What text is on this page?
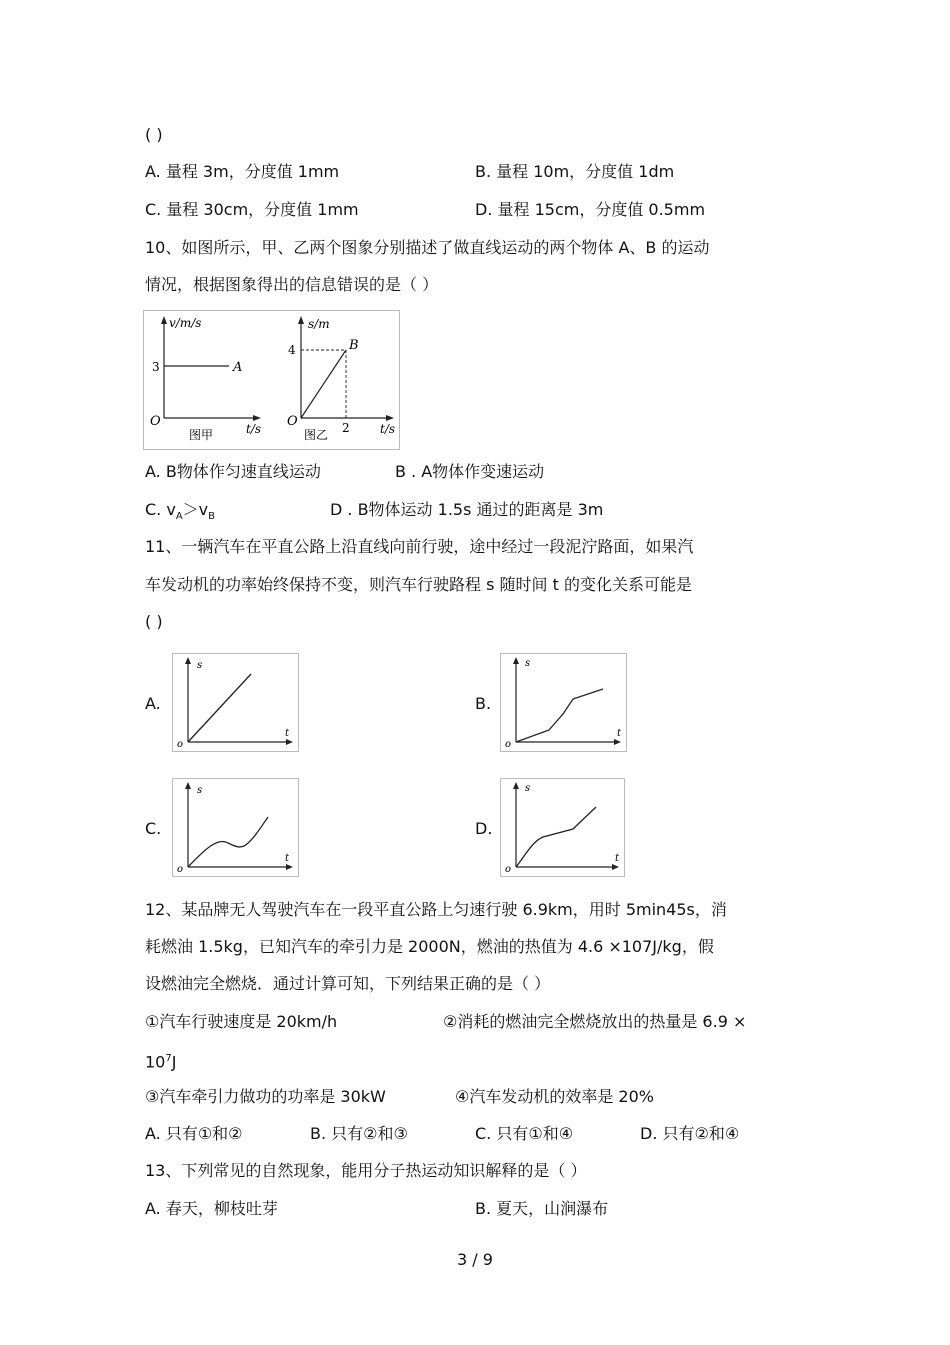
( )
A. 量程 3m，分度值 1mm	B. 量程 10m，分度值 1dm
C. 量程 30cm，分度值 1mm	D. 量程 15cm，分度值 0.5mm
10、如图所示，甲、乙两个图象分别描述了做直线运动的两个物体 A、B 的运动
情况，根据图象得出的信息错误的是（ ）
v/m/s
3	A
O	t/s
图甲
s/m
4	B
O	2	t/s
图乙
A. B物体作匀速直线运动	B . A物体作变速运动
C. $v_A>v_B$	D . B物体运动 1.5s 通过的距离是 3m
11、一辆汽车在平直公路上沿直线向前行驶，途中经过一段泥泞路面，如果汽
车发动机的功率始终保持不变，则汽车行驶路程 s 随时间 t 的变化关系可能是
( )
A.	B.
C.	D.
s
t
o
s
t
o
s
t
o
s
t
o
12、某品牌无人驾驶汽车在一段平直公路上匀速行驶 6.9km，用时 5min45s，消
耗燃油 1.5kg，已知汽车的牵引力是 2000N，燃油的热值为 4.6 ×107J/kg，假
设燃油完全燃烧．通过计算可知，下列结果正确的是（ ）
①汽车行驶速度是 20km/h	②消耗的燃油完全燃烧放出的热量是 6.9 ×
$10^7J$
③汽车牵引力做功的功率是 30kW	④汽车发动机的效率是 20%
A. 只有①和②	B. 只有②和③	C. 只有①和④	D. 只有②和④
13、下列常见的自然现象，能用分子热运动知识解释的是（ ）
A. 春天，柳枝吐芽	B. 夏天，山涧瀑布
3 / 9
